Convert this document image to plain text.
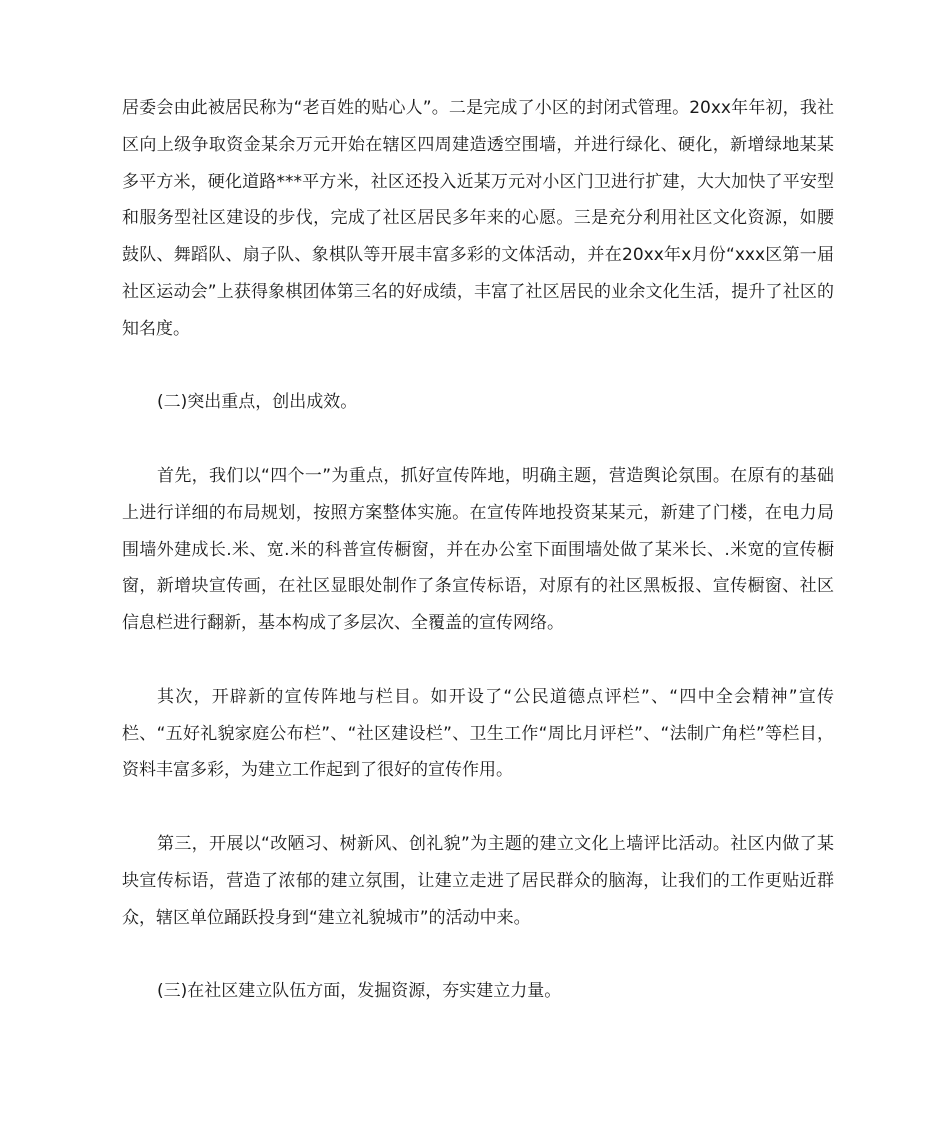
居委会由此被居民称为“老百姓的贴心人”。二是完成了小区的封闭式管理。20xx年年初，我社区向上级争取资金某余万元开始在辖区四周建造透空围墙，并进行绿化、硬化，新增绿地某某多平方米，硬化道路***平方米，社区还投入近某万元对小区门卫进行扩建，大大加快了平安型和服务型社区建设的步伐，完成了社区居民多年来的心愿。三是充分利用社区文化资源，如腰鼓队、舞蹈队、扇子队、象棋队等开展丰富多彩的文体活动，并在20xx年x月份“xxx区第一届社区运动会”上获得象棋团体第三名的好成绩，丰富了社区居民的业余文化生活，提升了社区的知名度。

(二)突出重点，创出成效。

首先，我们以“四个一”为重点，抓好宣传阵地，明确主题，营造舆论氛围。在原有的基础上进行详细的布局规划，按照方案整体实施。在宣传阵地投资某某元，新建了门楼，在电力局围墙外建成长.米、宽.米的科普宣传橱窗，并在办公室下面围墙处做了某米长、.米宽的宣传橱窗，新增块宣传画，在社区显眼处制作了条宣传标语，对原有的社区黑板报、宣传橱窗、社区信息栏进行翻新，基本构成了多层次、全覆盖的宣传网络。

其次，开辟新的宣传阵地与栏目。如开设了“公民道德点评栏”、“四中全会精神”宣传栏、“五好礼貌家庭公布栏”、“社区建设栏”、卫生工作“周比月评栏”、“法制广角栏”等栏目，资料丰富多彩，为建立工作起到了很好的宣传作用。

第三，开展以“改陋习、树新风、创礼貌”为主题的建立文化上墙评比活动。社区内做了某块宣传标语，营造了浓郁的建立氛围，让建立走进了居民群众的脑海，让我们的工作更贴近群众，辖区单位踊跃投身到“建立礼貌城市”的活动中来。

(三)在社区建立队伍方面，发掘资源，夯实建立力量。
